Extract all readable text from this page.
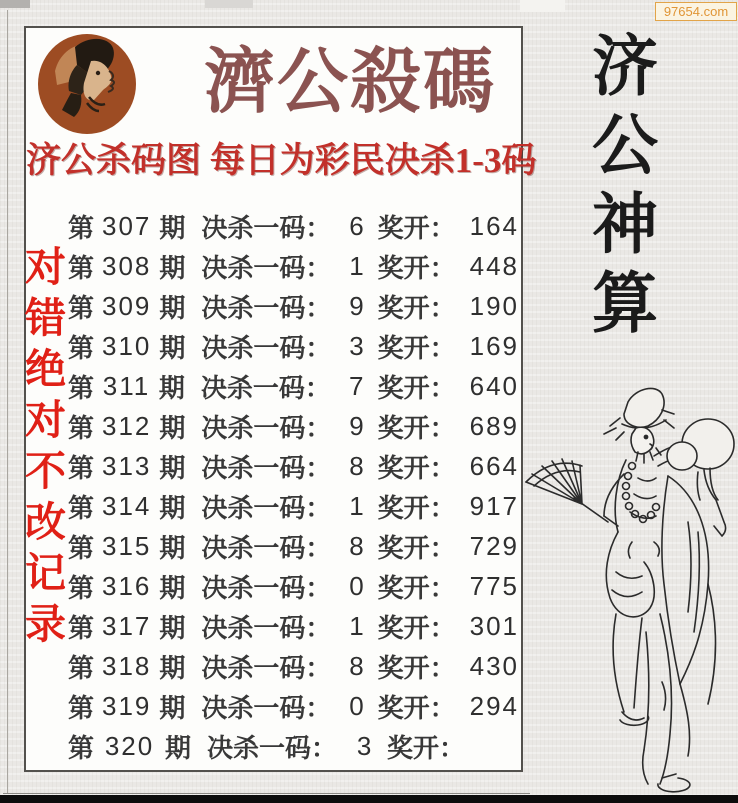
97654.com
濟公殺碼
济公杀码图 每日为彩民决杀1-3码
第 307 期 决杀一码： 6 奖开： 164
第 308 期 决杀一码： 1 奖开： 448
第 309 期 决杀一码： 9 奖开： 190
第 310 期 决杀一码： 3 奖开： 169
第 311 期 决杀一码： 7 奖开： 640
第 312 期 决杀一码： 9 奖开： 689
第 313 期 决杀一码： 8 奖开： 664
第 314 期 决杀一码： 1 奖开： 917
第 315 期 决杀一码： 8 奖开： 729
第 316 期 决杀一码： 0 奖开： 775
第 317 期 决杀一码： 1 奖开： 301
第 318 期 决杀一码： 8 奖开： 430
第 319 期 决杀一码： 0 奖开： 294
第 320 期 决杀一码： 3 奖开：
对
错
绝
对
不
改
记
录
济
公
神
算
